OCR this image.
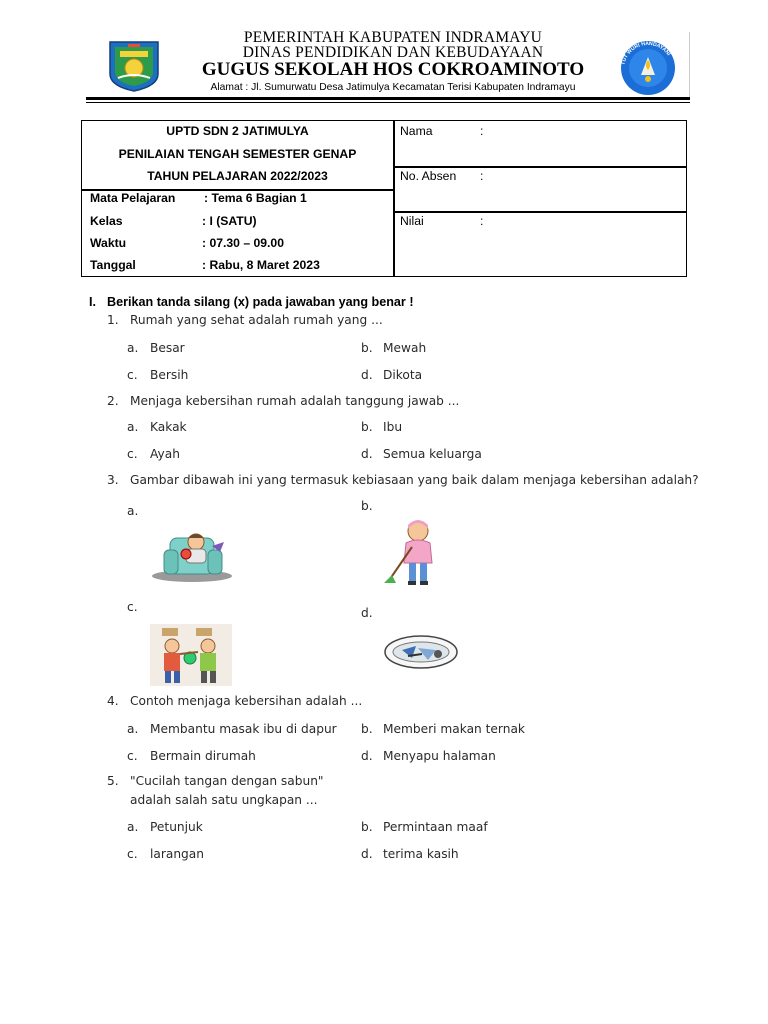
PEMERINTAH KABUPATEN INDRAMAYU
DINAS PENDIDIKAN DAN KEBUDAYAAN
GUGUS SEKOLAH HOS COKROAMINOTO
Alamat : Jl. Sumurwatu Desa Jatimulya Kecamatan Terisi Kabupaten Indramayu
TUT WURI HANDAYANI
UPTD SDN 2 JATIMULYA
PENILAIAN TENGAH SEMESTER GENAP
TAHUN PELAJARAN 2022/2023
Mata Pelajaran : Tema 6 Bagian 1
Kelas	: I (SATU)
Waktu	: 07.30 – 09.00
Tanggal	: Rabu, 8 Maret 2023
Nama	:
No. Absen :
Nilai	:
I. Berikan tanda silang (x) pada jawaban yang benar !
1. Rumah yang sehat adalah rumah yang ...
a. Besar	b. Mewah
c. Bersih	d. Dikota
2. Menjaga kebersihan rumah adalah tanggung jawab ...
a. Kakak	b. Ibu
c. Ayah	d. Semua keluarga
3. Gambar dibawah ini yang termasuk kebiasaan yang baik dalam menjaga kebersihan adalah?
a.	b.
c.	d.
4. Contoh menjaga kebersihan adalah ...
a. Membantu masak ibu di dapur b. Memberi makan ternak
c. Bermain dirumah	d. Menyapu halaman
5. "Cucilah tangan dengan sabun"
adalah salah satu ungkapan ...
a. Petunjuk	b. Permintaan maaf
c. larangan	d. terima kasih
